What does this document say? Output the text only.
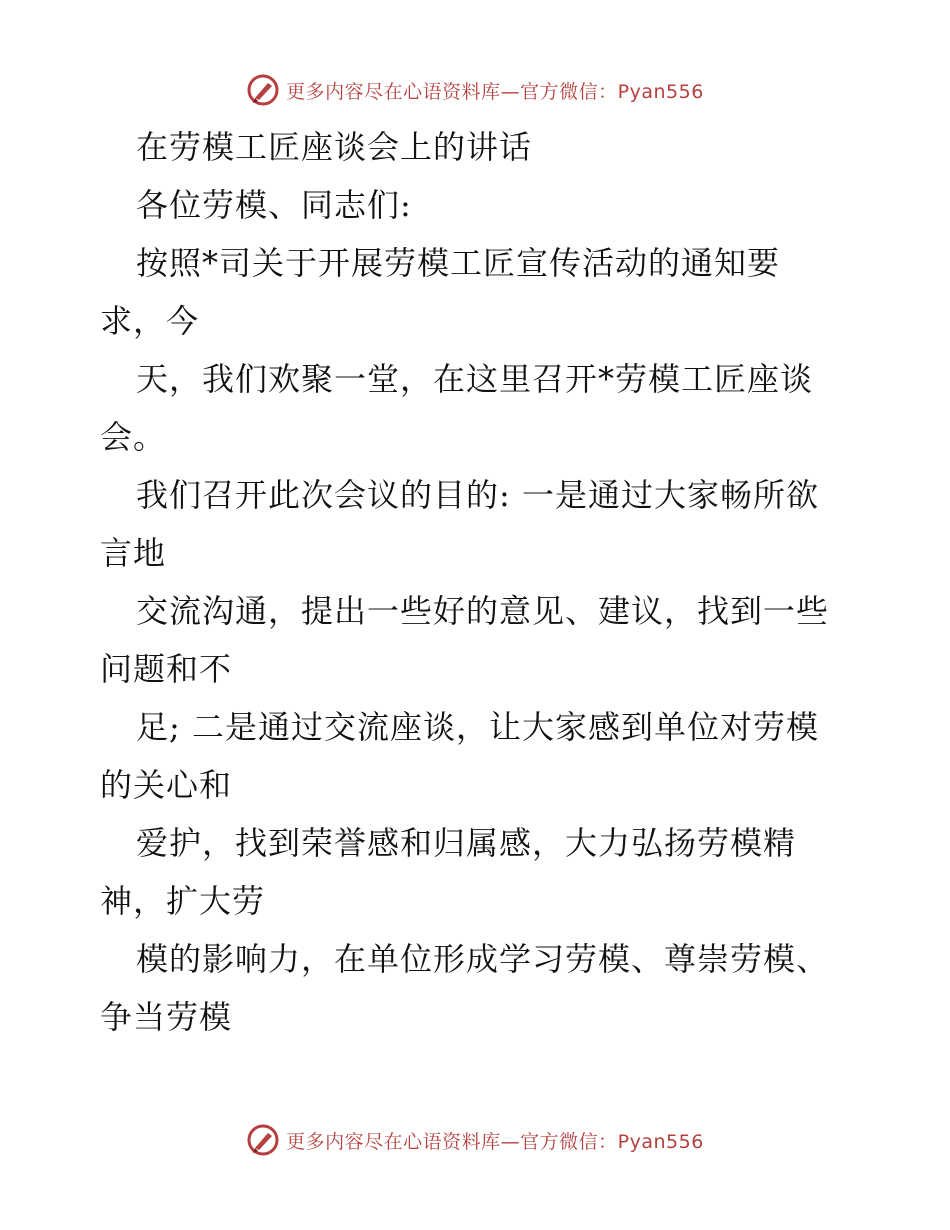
更多内容尽在心语资料库—官方微信：Pyan556
在劳模工匠座谈会上的讲话
各位劳模、同志们:
按照*司关于开展劳模工匠宣传活动的通知要
求，今
天，我们欢聚一堂，在这里召开*劳模工匠座谈
会。
我们召开此次会议的目的: 一是通过大家畅所欲
言地
交流沟通，提出一些好的意见、建议，找到一些
问题和不
足; 二是通过交流座谈，让大家感到单位对劳模
的关心和
爱护，找到荣誉感和归属感，大力弘扬劳模精
神，扩大劳
模的影响力，在单位形成学习劳模、尊崇劳模、
争当劳模
更多内容尽在心语资料库—官方微信：Pyan556
